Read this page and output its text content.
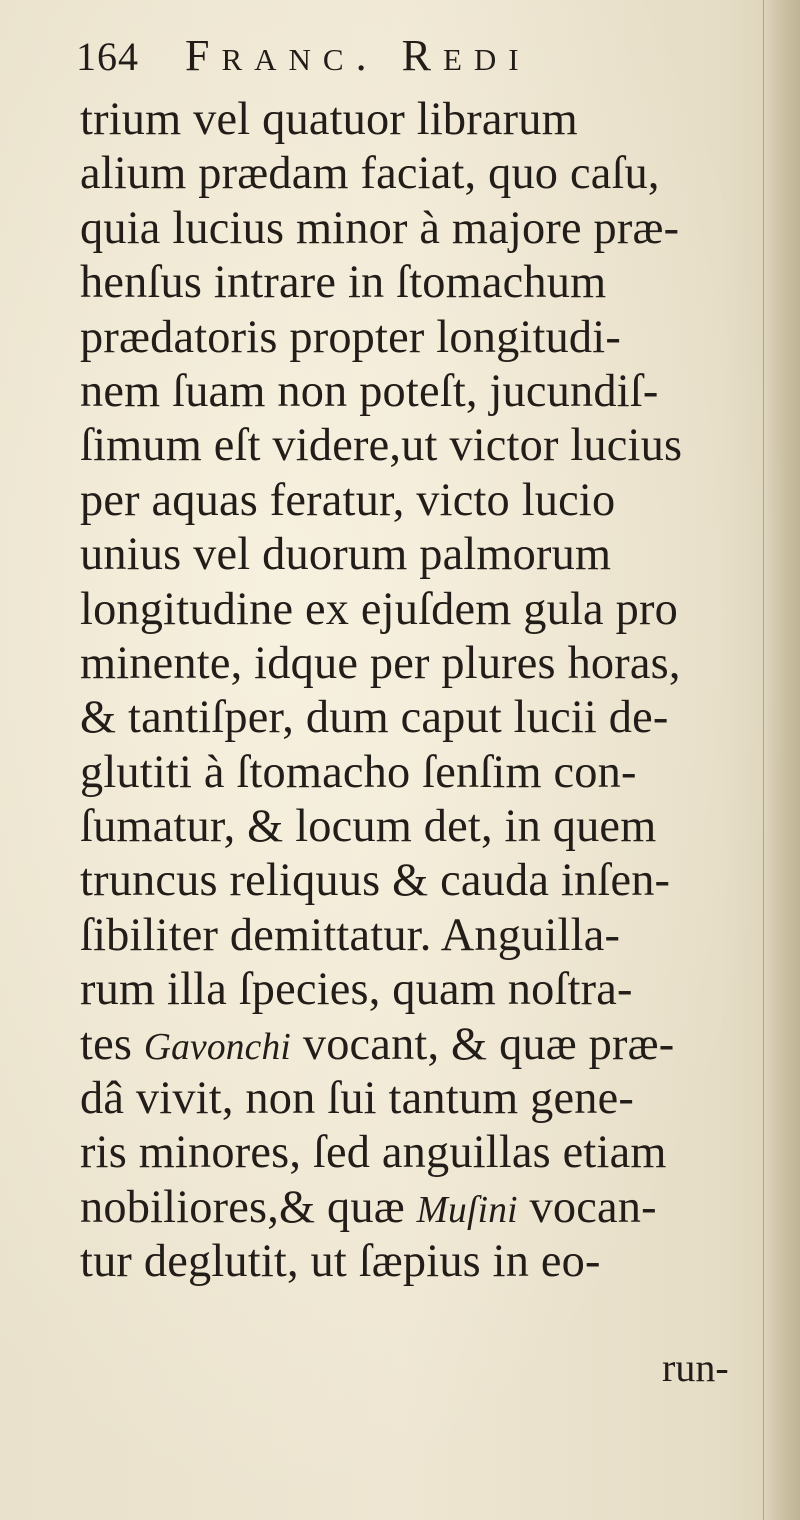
164 Franc. Redi
trium vel quatuor librarum
alium prædam faciat, quo caſu,
quia lucius minor à majore præ-
henſus intrare in ſtomachum
prædatoris propter longitudi-
nem ſuam non poteſt, jucundiſ-
ſimum eſt videre,ut victor lucius
per aquas feratur, victo lucio
unius vel duorum palmorum
longitudine ex ejuſdem gula pro
minente, idque per plures horas,
& tantiſper, dum caput lucii de-
glutiti à ſtomacho ſenſim con-
ſumatur, & locum det, in quem
truncus reliquus & cauda inſen-
ſibiliter demittatur. Anguilla-
rum illa ſpecies, quam noſtra-
tes Gavonchi vocant, & quæ præ-
dâ vivit, non ſui tantum gene-
ris minores, ſed anguillas etiam
nobiliores,& quæ Muſini vocan-
tur deglutit, ut ſæpius in eo-
run-
